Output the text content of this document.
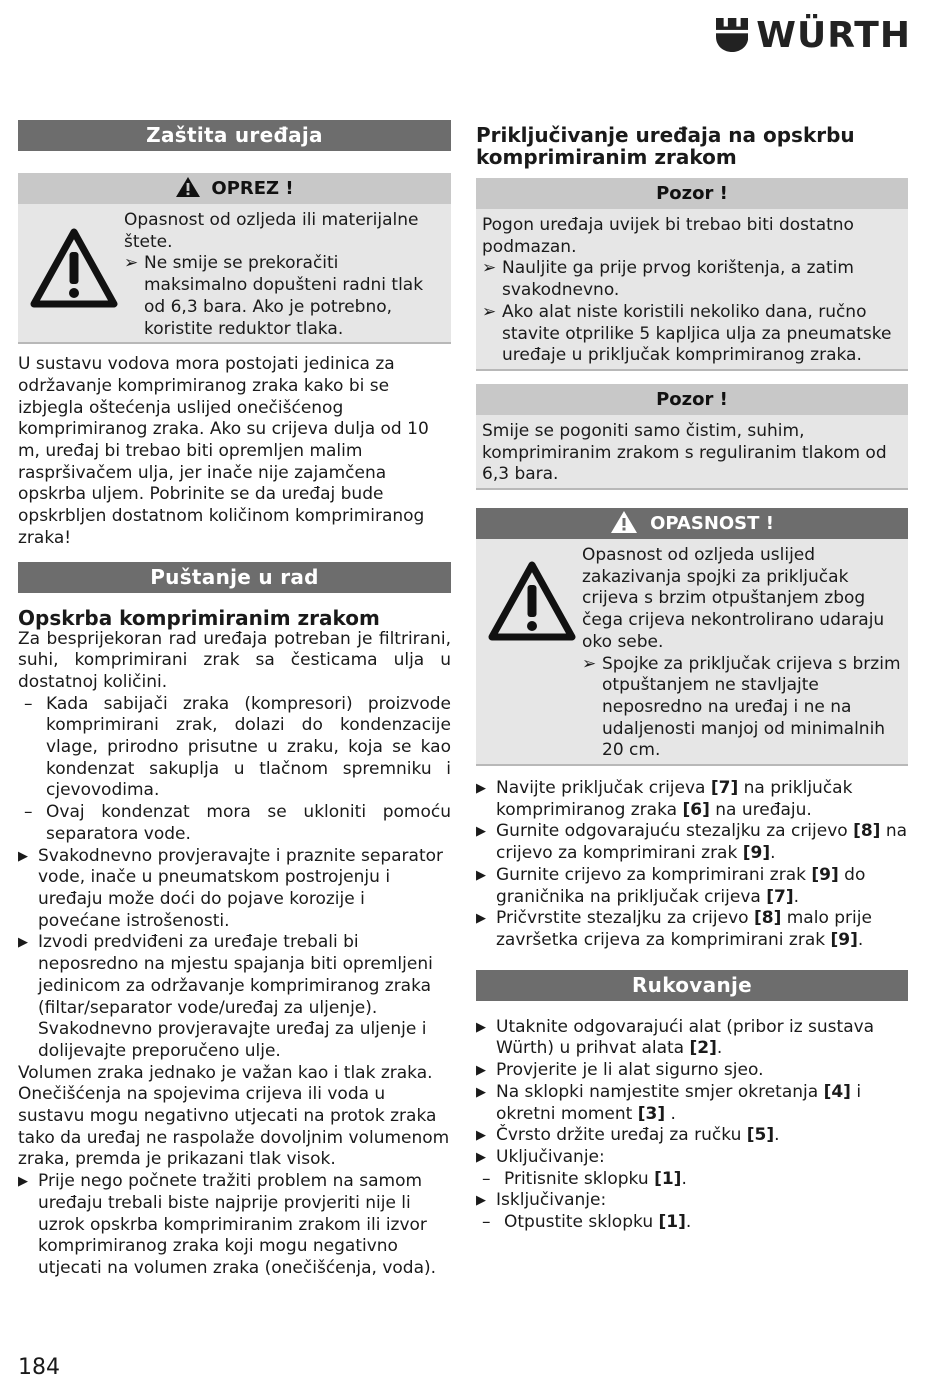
WÜRTH
Zaštita uređaja
OPREZ !

Opasnost od ozljeda ili materijalne štete.

➢ Ne smije se prekoračiti maksimalno dopušteni radni tlak od 6,3 bara. Ako je potrebno, koristite reduktor tlaka.

U sustavu vodova mora postojati jedinica za održavanje komprimiranog zraka kako bi se izbjegla oštećenja uslijed onečišćenog komprimiranog zraka. Ako su crijeva dulja od 10 m, uređaj bi trebao biti opremljen malim raspršivačem ulja, jer inače nije zajamčena opskrba uljem. Pobrinite se da uređaj bude opskrbljen dostatnom količinom komprimiranog zraka!

Puštanje u rad

Opskrba komprimiranim zrakom

Za besprijekoran rad uređaja potreban je filtrirani, suhi, komprimirani zrak sa česticama ulja u dostatnoj količini.

– Kada sabijači zraka (kompresori) proizvode komprimirani zrak, dolazi do kondenzacije vlage, prirodno prisutne u zraku, koja se kao kondenzat sakuplja u tlačnom spremniku i cjevovodima.
– Ovaj kondenzat mora se ukloniti pomoću separatora vode.
▶ Svakodnevno provjeravajte i praznite separator vode, inače u pneumatskom postrojenju i uređaju može doći do pojave korozije i povećane istrošenosti.
▶ Izvodi predviđeni za uređaje trebali bi neposredno na mjestu spajanja biti opremljeni jedinicom za održavanje komprimiranog zraka (filtar/separator vode/uređaj za uljenje). Svakodnevno provjeravajte uređaj za uljenje i dolijevajte preporučeno ulje.

Volumen zraka jednako je važan kao i tlak zraka. Onečišćenja na spojevima crijeva ili voda u sustavu mogu negativno utjecati na protok zraka tako da uređaj ne raspolaže dovoljnim volumenom zraka, premda je prikazani tlak visok.

▶ Prije nego počnete tražiti problem na samom uređaju trebali biste najprije provjeriti nije li uzrok opskrba komprimiranim zrakom ili izvor komprimiranog zraka koji mogu negativno utjecati na volumen zraka (onečišćenja, voda).

Priključivanje uređaja na opskrbu komprimiranim zrakom

Pozor !

Pogon uređaja uvijek bi trebao biti dostatno podmazan.

➢ Nauljite ga prije prvog korištenja, a zatim svakodnevno.
➢ Ako alat niste koristili nekoliko dana, ručno stavite otprilike 5 kapljica ulja za pneumatske uređaje u priključak komprimiranog zraka.
Pozor !

Smije se pogoniti samo čistim, suhim, komprimiranim zrakom s reguliranim tlakom od 6,3 bara.

OPASNOST !

Opasnost od ozljeda uslijed zakazivanja spojki za priključak crijeva s brzim otpuštanjem zbog čega crijeva nekontrolirano udaraju oko sebe.

➢ Spojke za priključak crijeva s brzim otpuštanjem ne stavljajte neposredno na uređaj i ne na udaljenosti manjoj od minimalnih 20 cm.
▶ Navijte priključak crijeva [7] na priključak komprimiranog zraka [6] na uređaju.
▶ Gurnite odgovarajuću stezaljku za crijevo [8] na crijevo za komprimirani zrak [9].
▶ Gurnite crijevo za komprimirani zrak [9] do graničnika na priključak crijeva [7].
▶ Pričvrstite stezaljku za crijevo [8] malo prije završetka crijeva za komprimirani zrak [9].
Rukovanje
▶ Utaknite odgovarajući alat (pribor iz sustava Würth) u prihvat alata [2].
▶ Provjerite je li alat sigurno sjeo.
▶ Na sklopki namjestite smjer okretanja [4] i okretni moment [3] .
▶ Čvrsto držite uređaj za ručku [5].
▶ Uključivanje:
– Pritisnite sklopku [1].
▶ Isključivanje:
– Otpustite sklopku [1].
184
